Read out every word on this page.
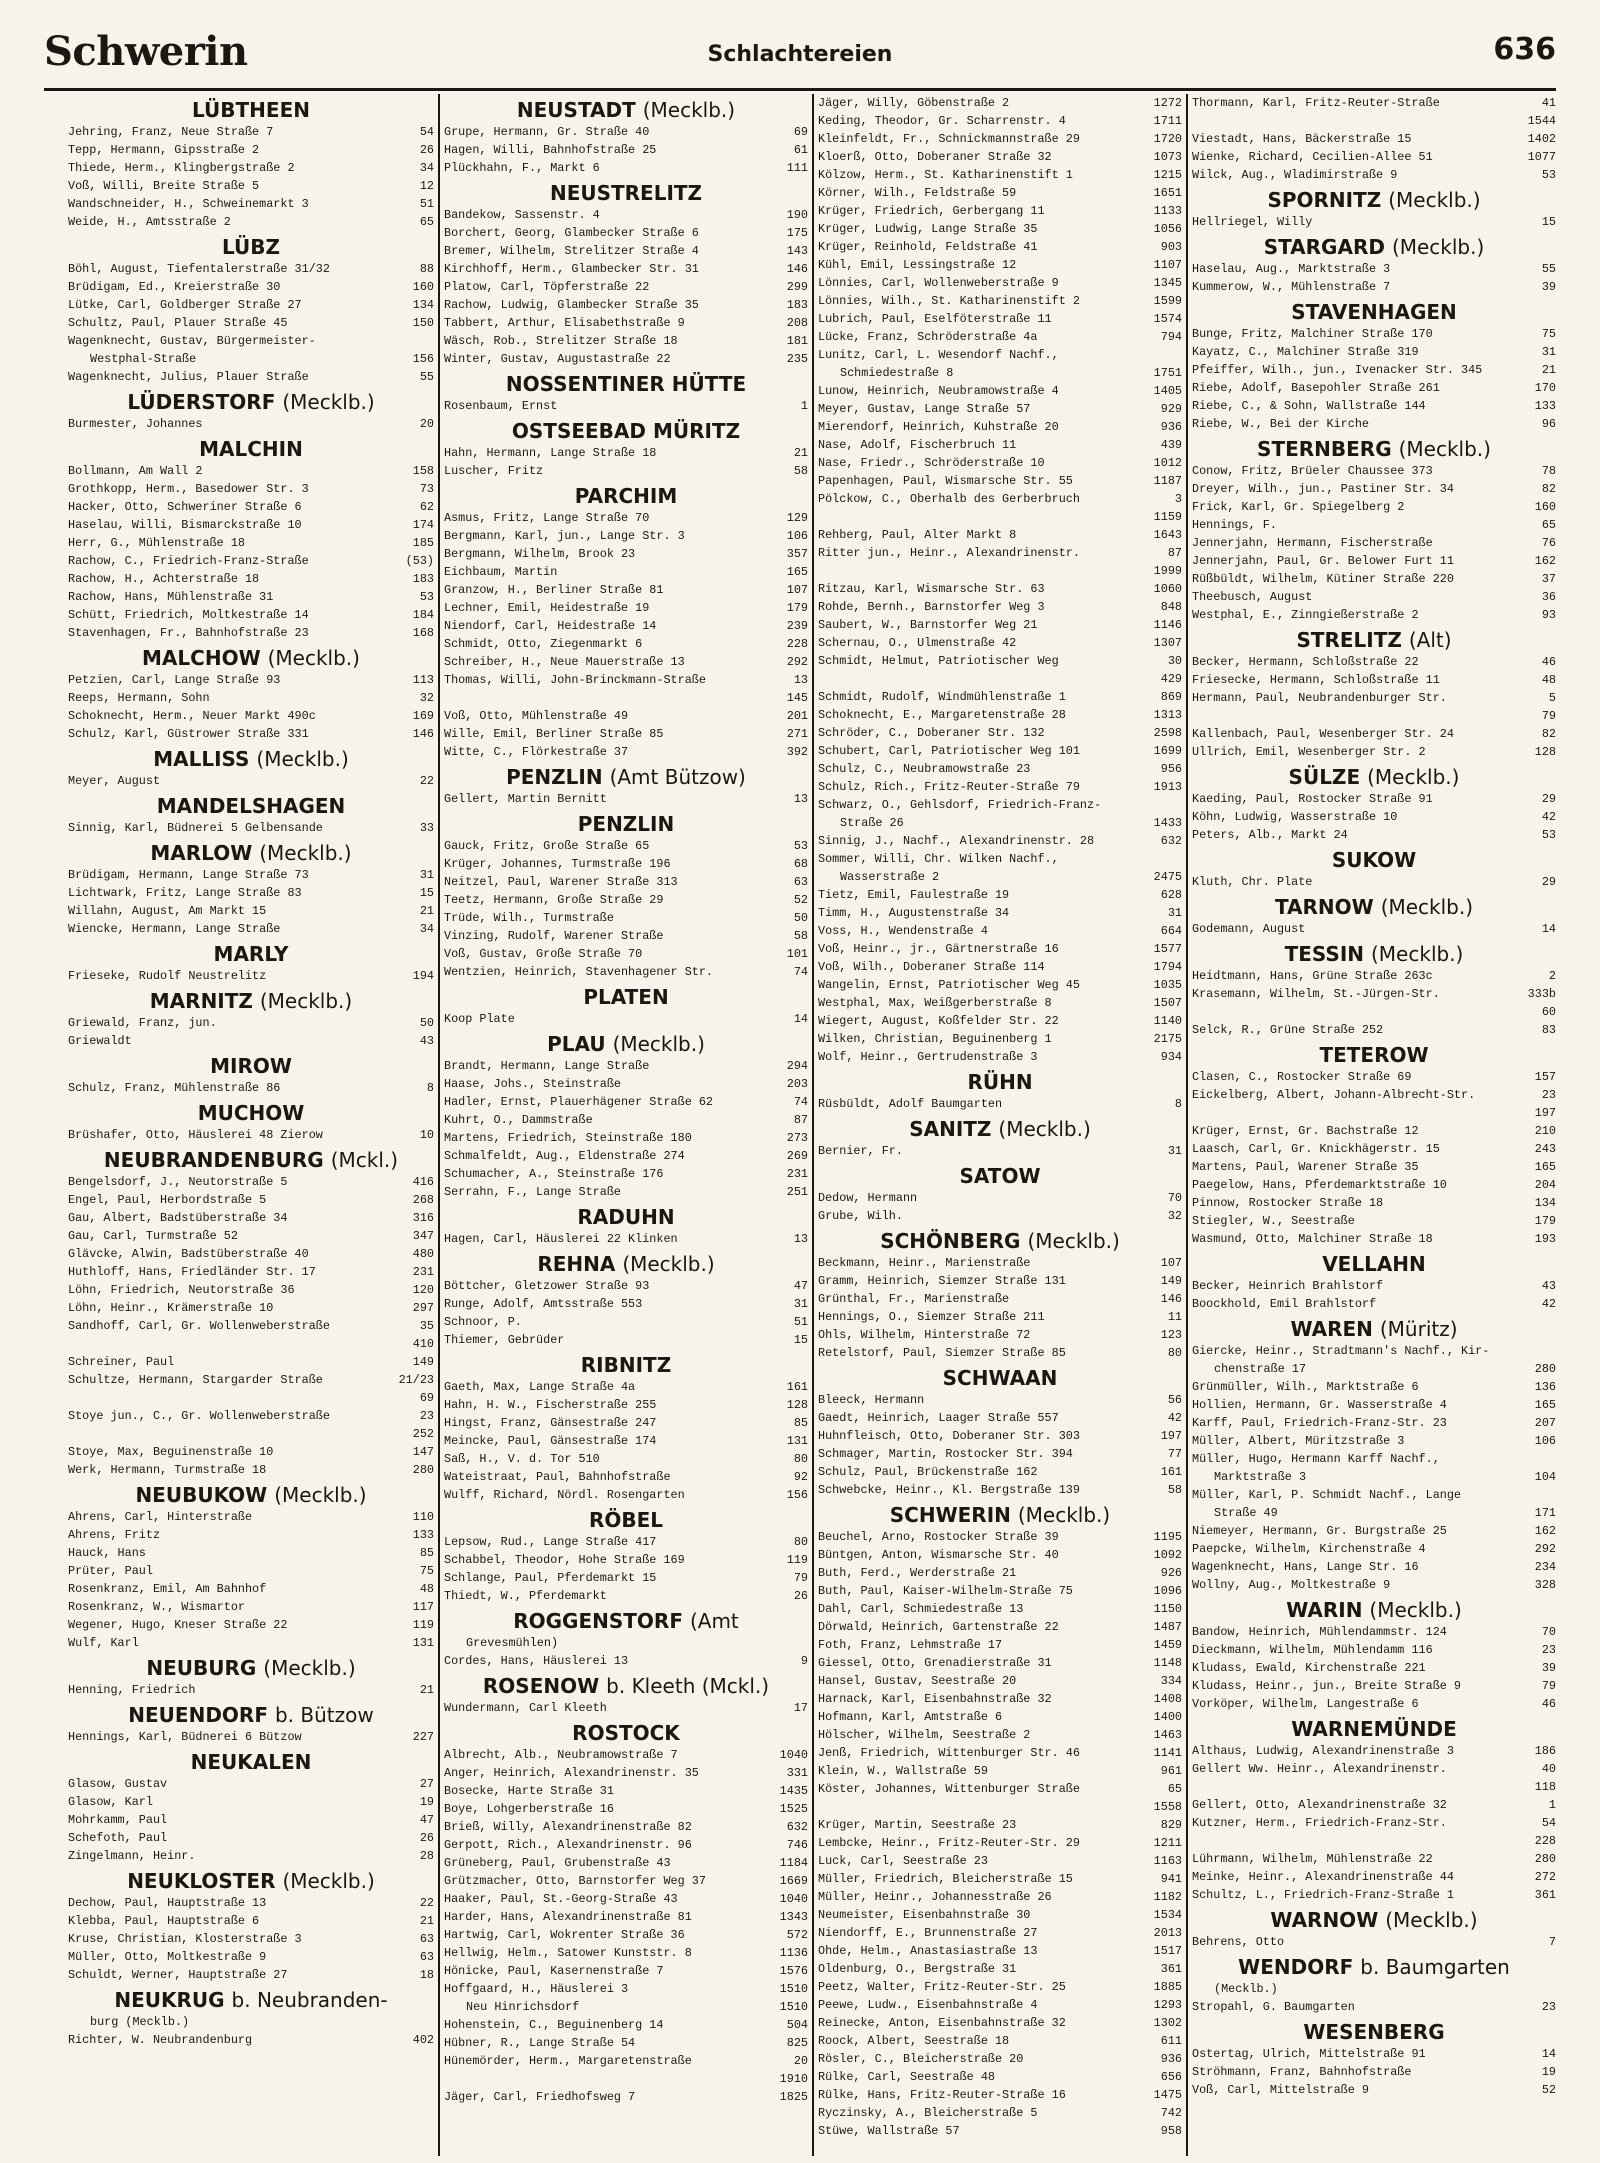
Schwerin	Schlachtereien	636
LÜBTHEEN
Jehring, Franz, Neue Straße 7	54
Tepp, Hermann, Gipsstraße 2	26
Thiede, Herm., Klingbergstraße 2	34
Voß, Willi, Breite Straße 5	12
Wandschneider, H., Schweinemarkt 3	51
Weide, H., Amtsstraße 2	65
LÜBZ
Böhl, August, Tiefentalerstraße 31/32	88
Brüdigam, Ed., Kreierstraße 30	160
Lütke, Carl, Goldberger Straße 27	134
Schultz, Paul, Plauer Straße 45	150
Wagenknecht, Gustav, Bürgermeister-
Westphal-Straße	156
Wagenknecht, Julius, Plauer Straße	55
LÜDERSTORF (Mecklb.)
Burmester, Johannes	20
MALCHIN
Bollmann, Am Wall 2	158
Grothkopp, Herm., Basedower Str. 3	73
Hacker, Otto, Schweriner Straße 6	62
Haselau, Willi, Bismarckstraße 10	174
Herr, G., Mühlenstraße 18	185
Rachow, C., Friedrich-Franz-Straße	(53)
Rachow, H., Achterstraße 18	183
Rachow, Hans, Mühlenstraße 31	53
Schütt, Friedrich, Moltkestraße 14	184
Stavenhagen, Fr., Bahnhofstraße 23	168
MALCHOW (Mecklb.)
Petzien, Carl, Lange Straße 93	113
Reeps, Hermann, Sohn	32
Schoknecht, Herm., Neuer Markt 490c	169
Schulz, Karl, Güstrower Straße 331	146
MALLISS (Mecklb.)
Meyer, August	22
MANDELSHAGEN
Sinnig, Karl, Büdnerei 5 Gelbensande	33
MARLOW (Mecklb.)
Brüdigam, Hermann, Lange Straße 73	31
Lichtwark, Fritz, Lange Straße 83	15
Willahn, August, Am Markt 15	21
Wiencke, Hermann, Lange Straße	34
MARLY
Frieseke, Rudolf Neustrelitz	194
MARNITZ (Mecklb.)
Griewald, Franz, jun.	50
Griewaldt	43
MIROW
Schulz, Franz, Mühlenstraße 86	8
MUCHOW
Brüshafer, Otto, Häuslerei 48 Zierow	10
NEUBRANDENBURG (Mckl.)
Bengelsdorf, J., Neutorstraße 5	416
Engel, Paul, Herbordstraße 5	268
Gau, Albert, Badstüberstraße 34	316
Gau, Carl, Turmstraße 52	347
Glävcke, Alwin, Badstüberstraße 40	480
Huthloff, Hans, Friedländer Str. 17	231
Löhn, Friedrich, Neutorstraße 36	120
Löhn, Heinr., Krämerstraße 10	297
Sandhoff, Carl, Gr. Wollenweberstraße	35
410
Schreiner, Paul	149
Schultze, Hermann, Stargarder Straße	21/23
69
Stoye jun., C., Gr. Wollenweberstraße	23
252
Stoye, Max, Beguinenstraße 10	147
Werk, Hermann, Turmstraße 18	280
NEUBUKOW (Mecklb.)
Ahrens, Carl, Hinterstraße	110
Ahrens, Fritz	133
Hauck, Hans	85
Prüter, Paul	75
Rosenkranz, Emil, Am Bahnhof	48
Rosenkranz, W., Wismartor	117
Wegener, Hugo, Kneser Straße 22	119
Wulf, Karl	131
NEUBURG (Mecklb.)
Henning, Friedrich	21
NEUENDORF b. Bützow
Hennings, Karl, Büdnerei 6 Bützow	227
NEUKALEN
Glasow, Gustav	27
Glasow, Karl	19
Mohrkamm, Paul	47
Schefoth, Paul	26
Zingelmann, Heinr.	28
NEUKLOSTER (Mecklb.)
Dechow, Paul, Hauptstraße 13	22
Klebba, Paul, Hauptstraße 6	21
Kruse, Christian, Klosterstraße 3	63
Müller, Otto, Moltkestraße 9	63
Schuldt, Werner, Hauptstraße 27	18
NEUKRUG b. Neubranden-
burg (Mecklb.)
Richter, W. Neubrandenburg	402
NEUSTADT (Mecklb.)
Grupe, Hermann, Gr. Straße 40	69
Hagen, Willi, Bahnhofstraße 25	61
Plückhahn, F., Markt 6	111
NEUSTRELITZ
Bandekow, Sassenstr. 4	190
Borchert, Georg, Glambecker Straße 6	175
Bremer, Wilhelm, Strelitzer Straße 4	143
Kirchhoff, Herm., Glambecker Str. 31	146
Platow, Carl, Töpferstraße 22	299
Rachow, Ludwig, Glambecker Straße 35	183
Tabbert, Arthur, Elisabethstraße 9	208
Wäsch, Rob., Strelitzer Straße 18	181
Winter, Gustav, Augustastraße 22	235
NOSSENTINER HÜTTE
Rosenbaum, Ernst	1
OSTSEEBAD MÜRITZ
Hahn, Hermann, Lange Straße 18	21
Luscher, Fritz	58
PARCHIM
Asmus, Fritz, Lange Straße 70	129
Bergmann, Karl, jun., Lange Str. 3	106
Bergmann, Wilhelm, Brook 23	357
Eichbaum, Martin	165
Granzow, H., Berliner Straße 81	107
Lechner, Emil, Heidestraße 19	179
Niendorf, Carl, Heidestraße 14	239
Schmidt, Otto, Ziegenmarkt 6	228
Schreiber, H., Neue Mauerstraße 13	292
Thomas, Willi, John-Brinckmann-Straße	13
145
Voß, Otto, Mühlenstraße 49	201
Wille, Emil, Berliner Straße 85	271
Witte, C., Flörkestraße 37	392
PENZLIN (Amt Bützow)
Gellert, Martin Bernitt	13
PENZLIN
Gauck, Fritz, Große Straße 65	53
Krüger, Johannes, Turmstraße 196	68
Neitzel, Paul, Warener Straße 313	63
Teetz, Hermann, Große Straße 29	52
Trüde, Wilh., Turmstraße	50
Vinzing, Rudolf, Warener Straße	58
Voß, Gustav, Große Straße 70	101
Wentzien, Heinrich, Stavenhagener Str.	74
PLATEN
Koop Plate	14
PLAU (Mecklb.)
Brandt, Hermann, Lange Straße	294
Haase, Johs., Steinstraße	203
Hadler, Ernst, Plauerhägener Straße 62	74
Kuhrt, O., Dammstraße	87
Martens, Friedrich, Steinstraße 180	273
Schmalfeldt, Aug., Eldenstraße 274	269
Schumacher, A., Steinstraße 176	231
Serrahn, F., Lange Straße	251
RADUHN
Hagen, Carl, Häuslerei 22 Klinken	13
REHNA (Mecklb.)
Böttcher, Gletzower Straße 93	47
Runge, Adolf, Amtsstraße 553	31
Schnoor, P.	51
Thiemer, Gebrüder	15
RIBNITZ
Gaeth, Max, Lange Straße 4a	161
Hahn, H. W., Fischerstraße 255	128
Hingst, Franz, Gänsestraße 247	85
Meincke, Paul, Gänsestraße 174	131
Saß, H., V. d. Tor 510	80
Wateistraat, Paul, Bahnhofstraße	92
Wulff, Richard, Nördl. Rosengarten	156
RÖBEL
Lepsow, Rud., Lange Straße 417	80
Schabbel, Theodor, Hohe Straße 169	119
Schlange, Paul, Pferdemarkt 15	79
Thiedt, W., Pferdemarkt	26
ROGGENSTORF (Amt
Grevesmühlen)
Cordes, Hans, Häuslerei 13	9
ROSENOW b. Kleeth (Mckl.)
Wundermann, Carl Kleeth	17
ROSTOCK
Albrecht, Alb., Neubramowstraße 7	1040
Anger, Heinrich, Alexandrinenstr. 35	331
Bosecke, Harte Straße 31	1435
Boye, Lohgerberstraße 16	1525
Brieß, Willy, Alexandrinenstraße 82	632
Gerpott, Rich., Alexandrinenstr. 96	746
Grüneberg, Paul, Grubenstraße 43	1184
Grützmacher, Otto, Barnstorfer Weg 37	1669
Haaker, Paul, St.-Georg-Straße 43	1040
Harder, Hans, Alexandrinenstraße 81	1343
Hartwig, Carl, Wokrenter Straße 36	572
Hellwig, Helm., Satower Kunststr. 8	1136
Hönicke, Paul, Kasernenstraße 7	1576
Hoffgaard, H., Häuslerei 3	1510
Neu Hinrichsdorf	1510
Hohenstein, C., Beguinenberg 14	504
Hübner, R., Lange Straße 54	825
Hünemörder, Herm., Margaretenstraße	20
1910
Jäger, Carl, Friedhofsweg 7	1825
Jäger, Willy, Göbenstraße 2	1272
Keding, Theodor, Gr. Scharrenstr. 4	1711
Kleinfeldt, Fr., Schnickmannstraße 29	1720
Kloerß, Otto, Doberaner Straße 32	1073
Kölzow, Herm., St. Katharinenstift 1	1215
Körner, Wilh., Feldstraße 59	1651
Krüger, Friedrich, Gerbergang 11	1133
Krüger, Ludwig, Lange Straße 35	1056
Krüger, Reinhold, Feldstraße 41	903
Kühl, Emil, Lessingstraße 12	1107
Lönnies, Carl, Wollenweberstraße 9	1345
Lönnies, Wilh., St. Katharinenstift 2	1599
Lubrich, Paul, Eselföterstraße 11	1574
Lücke, Franz, Schröderstraße 4a	794
Lunitz, Carl, L. Wesendorf Nachf.,
Schmiedestraße 8	1751
Lunow, Heinrich, Neubramowstraße 4	1405
Meyer, Gustav, Lange Straße 57	929
Mierendorf, Heinrich, Kuhstraße 20	936
Nase, Adolf, Fischerbruch 11	439
Nase, Friedr., Schröderstraße 10	1012
Papenhagen, Paul, Wismarsche Str. 55	1187
Pölckow, C., Oberhalb des Gerberbruch	3
1159
Rehberg, Paul, Alter Markt 8	1643
Ritter jun., Heinr., Alexandrinenstr.	87
1999
Ritzau, Karl, Wismarsche Str. 63	1060
Rohde, Bernh., Barnstorfer Weg 3	848
Saubert, W., Barnstorfer Weg 21	1146
Schernau, O., Ulmenstraße 42	1307
Schmidt, Helmut, Patriotischer Weg	30
429
Schmidt, Rudolf, Windmühlenstraße 1	869
Schoknecht, E., Margaretenstraße 28	1313
Schröder, C., Doberaner Str. 132	2598
Schubert, Carl, Patriotischer Weg 101	1699
Schulz, C., Neubramowstraße 23	956
Schulz, Rich., Fritz-Reuter-Straße 79	1913
Schwarz, O., Gehlsdorf, Friedrich-Franz-
Straße 26	1433
Sinnig, J., Nachf., Alexandrinenstr. 28	632
Sommer, Willi, Chr. Wilken Nachf.,
Wasserstraße 2	2475
Tietz, Emil, Faulestraße 19	628
Timm, H., Augustenstraße 34	31
Voss, H., Wendenstraße 4	664
Voß, Heinr., jr., Gärtnerstraße 16	1577
Voß, Wilh., Doberaner Straße 114	1794
Wangelin, Ernst, Patriotischer Weg 45	1035
Westphal, Max, Weißgerberstraße 8	1507
Wiegert, August, Koßfelder Str. 22	1140
Wilken, Christian, Beguinenberg 1	2175
Wolf, Heinr., Gertrudenstraße 3	934
RÜHN
Rüsbüldt, Adolf Baumgarten	8
SANITZ (Mecklb.)
Bernier, Fr.	31
SATOW
Dedow, Hermann	70
Grube, Wilh.	32
SCHÖNBERG (Mecklb.)
Beckmann, Heinr., Marienstraße	107
Gramm, Heinrich, Siemzer Straße 131	149
Grünthal, Fr., Marienstraße	146
Hennings, O., Siemzer Straße 211	11
Ohls, Wilhelm, Hinterstraße 72	123
Retelstorf, Paul, Siemzer Straße 85	80
SCHWAAN
Bleeck, Hermann	56
Gaedt, Heinrich, Laager Straße 557	42
Huhnfleisch, Otto, Doberaner Str. 303	197
Schmager, Martin, Rostocker Str. 394	77
Schulz, Paul, Brückenstraße 162	161
Schwebcke, Heinr., Kl. Bergstraße 139	58
SCHWERIN (Mecklb.)
Beuchel, Arno, Rostocker Straße 39	1195
Büntgen, Anton, Wismarsche Str. 40	1092
Buth, Ferd., Werderstraße 21	926
Buth, Paul, Kaiser-Wilhelm-Straße 75	1096
Dahl, Carl, Schmiedestraße 13	1150
Dörwald, Heinrich, Gartenstraße 22	1487
Foth, Franz, Lehmstraße 17	1459
Giessel, Otto, Grenadierstraße 31	1148
Hansel, Gustav, Seestraße 20	334
Harnack, Karl, Eisenbahnstraße 32	1408
Hofmann, Karl, Amtstraße 6	1400
Hölscher, Wilhelm, Seestraße 2	1463
Jenß, Friedrich, Wittenburger Str. 46	1141
Klein, W., Wallstraße 59	961
Köster, Johannes, Wittenburger Straße	65
1558
Krüger, Martin, Seestraße 23	829
Lembcke, Heinr., Fritz-Reuter-Str. 29	1211
Luck, Carl, Seestraße 23	1163
Müller, Friedrich, Bleicherstraße 15	941
Müller, Heinr., Johannesstraße 26	1182
Neumeister, Eisenbahnstraße 30	1534
Niendorff, E., Brunnenstraße 27	2013
Ohde, Helm., Anastasiastraße 13	1517
Oldenburg, O., Bergstraße 31	361
Peetz, Walter, Fritz-Reuter-Str. 25	1885
Peewe, Ludw., Eisenbahnstraße 4	1293
Reinecke, Anton, Eisenbahnstraße 32	1302
Roock, Albert, Seestraße 18	611
Rösler, C., Bleicherstraße 20	936
Rülke, Carl, Seestraße 48	656
Rülke, Hans, Fritz-Reuter-Straße 16	1475
Ryczinsky, A., Bleicherstraße 5	742
Stüwe, Wallstraße 57	958
Thormann, Karl, Fritz-Reuter-Straße	41
1544
Viestadt, Hans, Bäckerstraße 15	1402
Wienke, Richard, Cecilien-Allee 51	1077
Wilck, Aug., Wladimirstraße 9	53
SPORNITZ (Mecklb.)
Hellriegel, Willy	15
STARGARD (Mecklb.)
Haselau, Aug., Marktstraße 3	55
Kummerow, W., Mühlenstraße 7	39
STAVENHAGEN
Bunge, Fritz, Malchiner Straße 170	75
Kayatz, C., Malchiner Straße 319	31
Pfeiffer, Wilh., jun., Ivenacker Str. 345	21
Riebe, Adolf, Basepohler Straße 261	170
Riebe, C., & Sohn, Wallstraße 144	133
Riebe, W., Bei der Kirche	96
STERNBERG (Mecklb.)
Conow, Fritz, Brüeler Chaussee 373	78
Dreyer, Wilh., jun., Pastiner Str. 34	82
Frick, Karl, Gr. Spiegelberg 2	160
Hennings, F.	65
Jennerjahn, Hermann, Fischerstraße	76
Jennerjahn, Paul, Gr. Belower Furt 11	162
Rüßbüldt, Wilhelm, Kütiner Straße 220	37
Theebusch, August	36
Westphal, E., Zinngießerstraße 2	93
STRELITZ (Alt)
Becker, Hermann, Schloßstraße 22	46
Friesecke, Hermann, Schloßstraße 11	48
Hermann, Paul, Neubrandenburger Str.	5
79
Kallenbach, Paul, Wesenberger Str. 24	82
Ullrich, Emil, Wesenberger Str. 2	128
SÜLZE (Mecklb.)
Kaeding, Paul, Rostocker Straße 91	29
Köhn, Ludwig, Wasserstraße 10	42
Peters, Alb., Markt 24	53
SUKOW
Kluth, Chr. Plate	29
TARNOW (Mecklb.)
Godemann, August	14
TESSIN (Mecklb.)
Heidtmann, Hans, Grüne Straße 263c	2
Krasemann, Wilhelm, St.-Jürgen-Str.	333b
60
Selck, R., Grüne Straße 252	83
TETEROW
Clasen, C., Rostocker Straße 69	157
Eickelberg, Albert, Johann-Albrecht-Str.	23
197
Krüger, Ernst, Gr. Bachstraße 12	210
Laasch, Carl, Gr. Knickhägerstr. 15	243
Martens, Paul, Warener Straße 35	165
Paegelow, Hans, Pferdemarktstraße 10	204
Pinnow, Rostocker Straße 18	134
Stiegler, W., Seestraße	179
Wasmund, Otto, Malchiner Straße 18	193
VELLAHN
Becker, Heinrich Brahlstorf	43
Boockhold, Emil Brahlstorf	42
WAREN (Müritz)
Giercke, Heinr., Stradtmann's Nachf., Kir-
chenstraße 17	280
Grünmüller, Wilh., Marktstraße 6	136
Hollien, Hermann, Gr. Wasserstraße 4	165
Karff, Paul, Friedrich-Franz-Str. 23	207
Müller, Albert, Müritzstraße 3	106
Müller, Hugo, Hermann Karff Nachf.,
Marktstraße 3	104
Müller, Karl, P. Schmidt Nachf., Lange
Straße 49	171
Niemeyer, Hermann, Gr. Burgstraße 25	162
Paepcke, Wilhelm, Kirchenstraße 4	292
Wagenknecht, Hans, Lange Str. 16	234
Wollny, Aug., Moltkestraße 9	328
WARIN (Mecklb.)
Bandow, Heinrich, Mühlendammstr. 124	70
Dieckmann, Wilhelm, Mühlendamm 116	23
Kludass, Ewald, Kirchenstraße 221	39
Kludass, Heinr., jun., Breite Straße 9	79
Vorköper, Wilhelm, Langestraße 6	46
WARNEMÜNDE
Althaus, Ludwig, Alexandrinenstraße 3	186
Gellert Ww. Heinr., Alexandrinenstr.	40
118
Gellert, Otto, Alexandrinenstraße 32	1
Kutzner, Herm., Friedrich-Franz-Str.	54
228
Lührmann, Wilhelm, Mühlenstraße 22	280
Meinke, Heinr., Alexandrinenstraße 44	272
Schultz, L., Friedrich-Franz-Straße 1	361
WARNOW (Mecklb.)
Behrens, Otto	7
WENDORF b. Baumgarten
(Mecklb.)
Stropahl, G. Baumgarten	23
WESENBERG
Ostertag, Ulrich, Mittelstraße 91	14
Ströhmann, Franz, Bahnhofstraße	19
Voß, Carl, Mittelstraße 9	52
